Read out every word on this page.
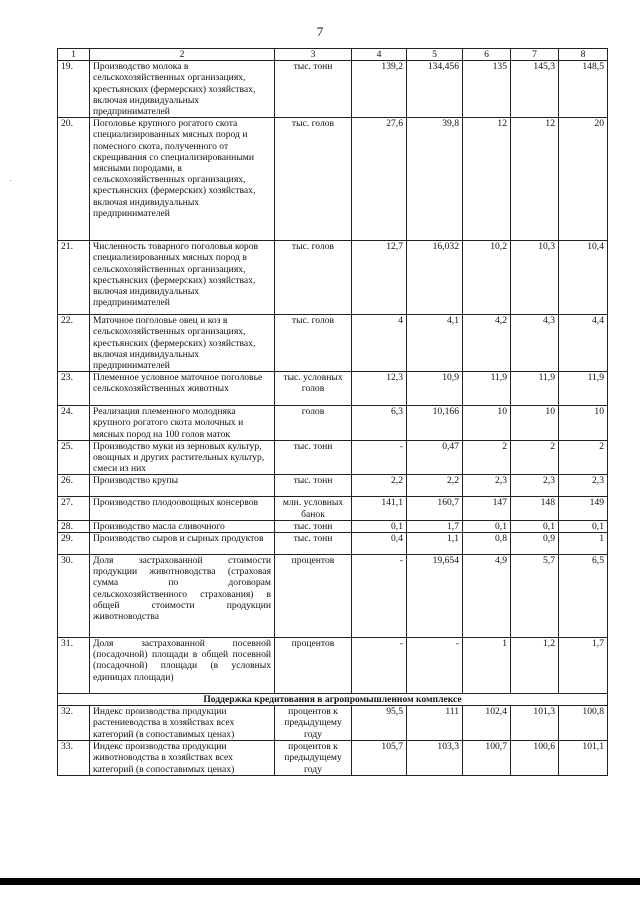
7
1	2	3	4	5	6	7	8
19.	Производство молока в сельскохозяйственных организациях, крестьянских (фермерских) хозяйствах, включая индивидуальных предпринимателей	тыс. тонн	139,2	134,456	135	145,3	148,5
20.	Поголовье крупного рогатого скота специализированных мясных пород и помесного скота, полученного от скрещивания со специализированными мясными породами, в сельскохозяйственных организациях, крестьянских (фермерских) хозяйствах, включая индивидуальных предпринимателей	тыс. голов	27,6	39,8	12	12	20
21.	Численность товарного поголовья коров специализированных мясных пород в сельскохозяйственных организациях, крестьянских (фермерских) хозяйствах, включая индивидуальных предпринимателей	тыс. голов	12,7	16,032	10,2	10,3	10,4
22.	Маточное поголовье овец и коз в сельскохозяйственных организациях, крестьянских (фермерских) хозяйствах, включая индивидуальных предпринимателей	тыс. голов	4	4,1	4,2	4,3	4,4
23.	Племенное условное маточное поголовье сельскохозяйственных животных	тыс. условных голов	12,3	10,9	11,9	11,9	11,9
24.	Реализация племенного молодняка крупного рогатого скота молочных и мясных пород на 100 голов маток	голов	6,3	10,166	10	10	10
25.	Производство муки из зерновых культур, овощных и других растительных культур, смеси из них	тыс. тонн	-	0,47	2	2	2
26.	Производство крупы	тыс. тонн	2,2	2,2	2,3	2,3	2,3
27.	Производство плодоовощных консервов	млн. условных банок	141,1	160,7	147	148	149
28.	Производство масла сливочного	тыс. тонн	0,1	1,7	0,1	0,1	0,1
29.	Производство сыров и сырных продуктов	тыс. тонн	0,4	1,1	0,8	0,9	1
30.	Доля застрахованной стоимости продукции животноводства (страховая сумма по договорам сельскохозяйственного страхования) в общей стоимости продукции животноводства	процентов	-	19,654	4,9	5,7	6,5
31.	Доля застрахованной посевной (посадочной) площади в общей посевной (посадочной) площади (в условных единицах площади)	процентов	-	-	1	1,2	1,7
Поддержка кредитования в агропромышленном комплексе							
32.	Индекс производства продукции растениеводства в хозяйствах всех категорий (в сопоставимых ценах)	процентов к предыдущему году	95,5	111	102,4	101,3	100,8
33.	Индекс производства продукции животноводства в хозяйствах всех категорий (в сопоставимых ценах)	процентов к предыдущему году	105,7	103,3	100,7	100,6	101,1
